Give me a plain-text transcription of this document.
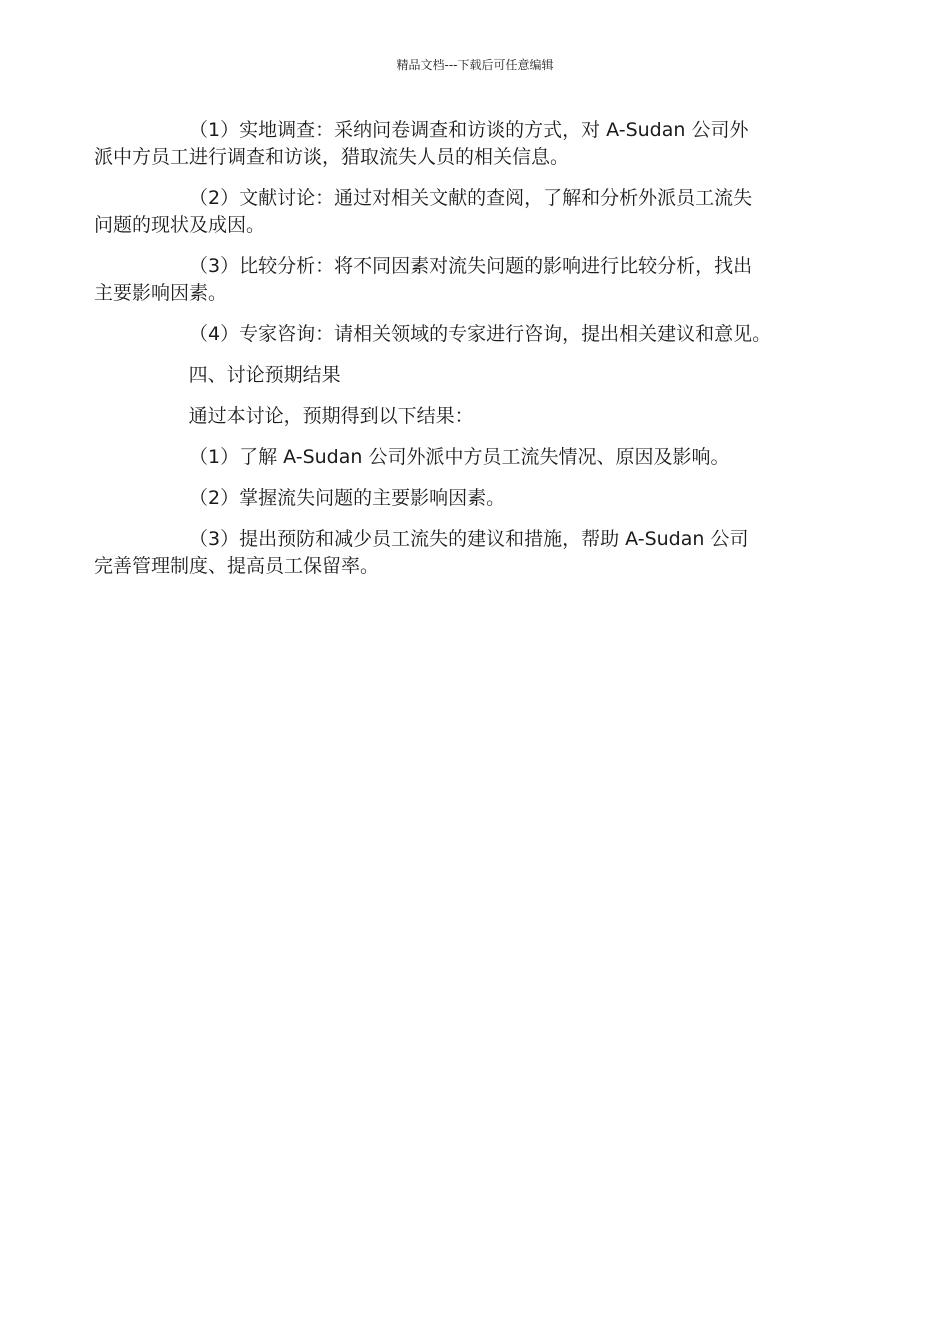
精品文档---下载后可任意编辑

（1）实地调查：采纳问卷调查和访谈的方式，对 A-Sudan 公司外
派中方员工进行调查和访谈，猎取流失人员的相关信息。

（2）文献讨论：通过对相关文献的查阅，了解和分析外派员工流失
问题的现状及成因。

（3）比较分析：将不同因素对流失问题的影响进行比较分析，找出
主要影响因素。

（4）专家咨询：请相关领域的专家进行咨询，提出相关建议和意见。

四、讨论预期结果

通过本讨论，预期得到以下结果：

（1）了解 A-Sudan 公司外派中方员工流失情况、原因及影响。

（2）掌握流失问题的主要影响因素。

（3）提出预防和减少员工流失的建议和措施，帮助 A-Sudan 公司
完善管理制度、提高员工保留率。
